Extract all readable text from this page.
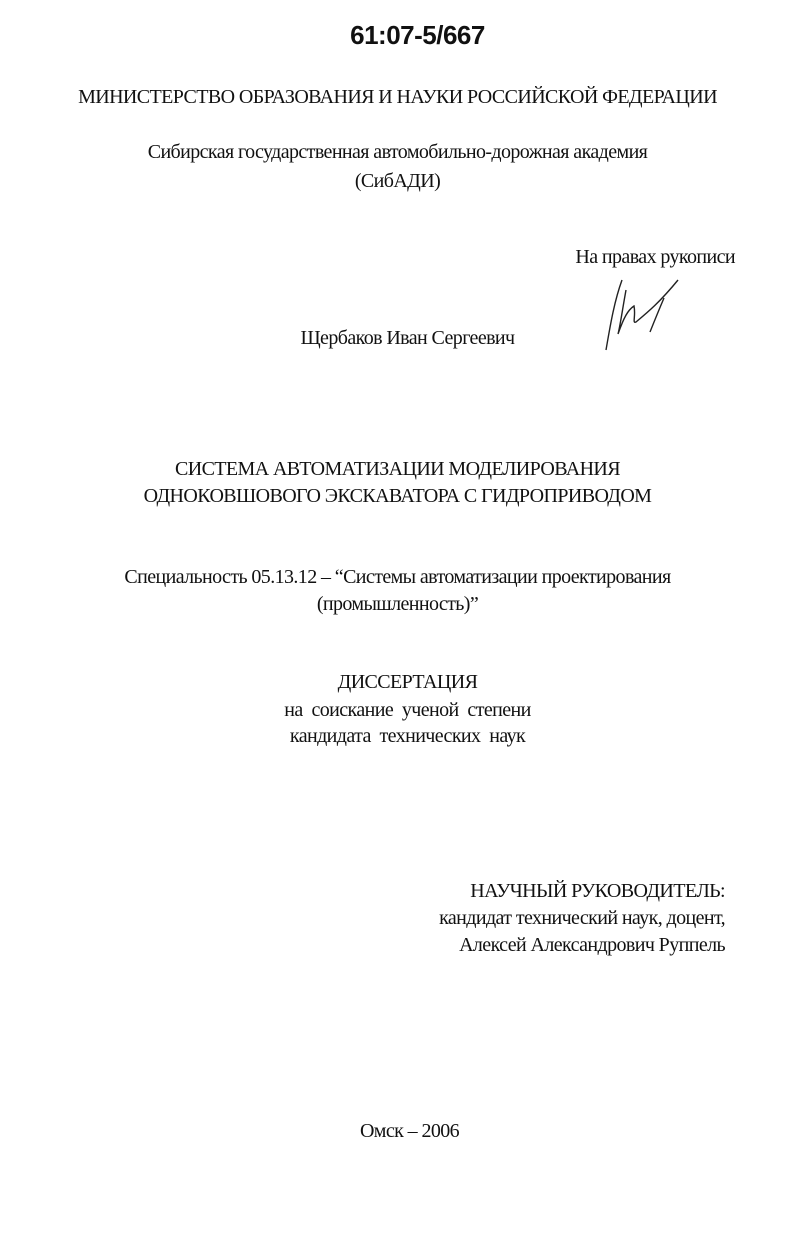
61:07-5/667
МИНИСТЕРСТВО ОБРАЗОВАНИЯ И НАУКИ РОССИЙСКОЙ ФЕДЕРАЦИИ
Сибирская государственная автомобильно-дорожная академия
(СибАДИ)
На правах рукописи
Щербаков Иван Сергеевич
СИСТЕМА АВТОМАТИЗАЦИИ МОДЕЛИРОВАНИЯ
ОДНОКОВШОВОГО ЭКСКАВАТОРА С ГИДРОПРИВОДОМ
Специальность 05.13.12 – “Системы автоматизации проектирования
(промышленность)”
ДИССЕРТАЦИЯ
на  соискание  ученой  степени
кандидата  технических  наук
НАУЧНЫЙ РУКОВОДИТЕЛЬ:
кандидат технический наук, доцент,
Алексей Александрович Руппель
Омск – 2006
